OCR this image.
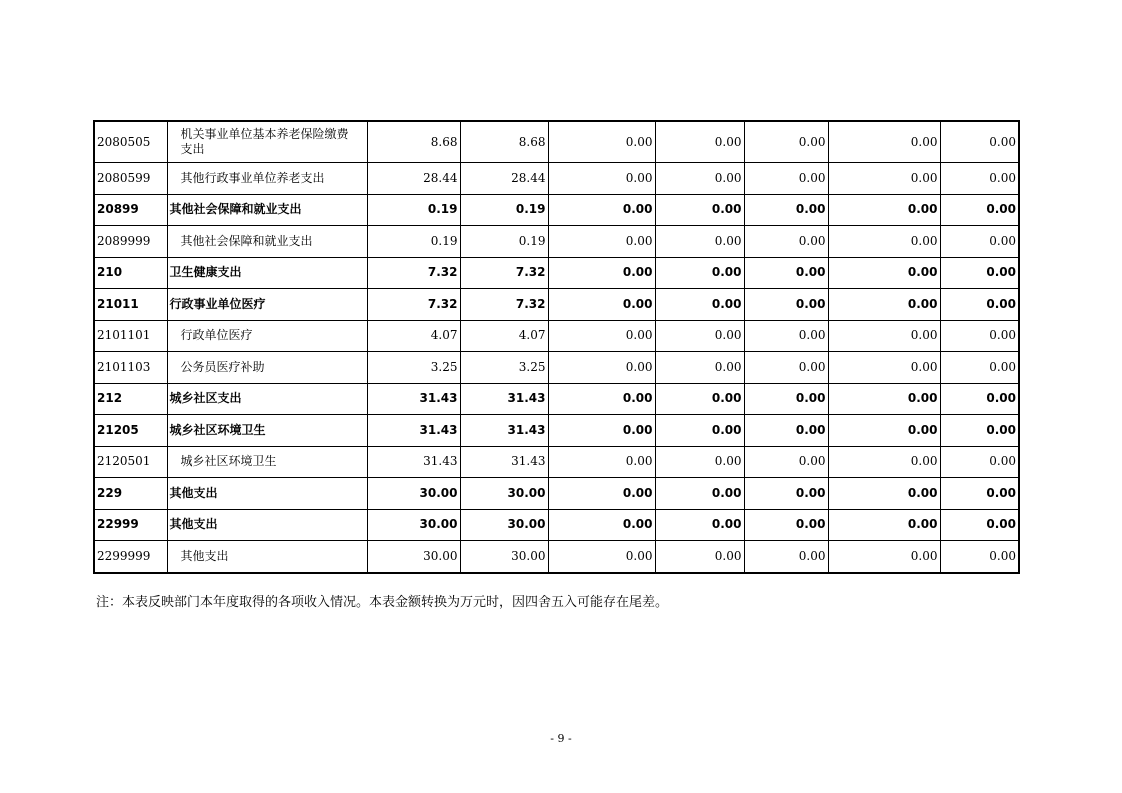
2080505	机关事业单位基本养老保险缴费支出	8.68	8.68	0.00	0.00	0.00	0.00	0.00
2080599	其他行政事业单位养老支出	28.44	28.44	0.00	0.00	0.00	0.00	0.00
20899	其他社会保障和就业支出	0.19	0.19	0.00	0.00	0.00	0.00	0.00
2089999	其他社会保障和就业支出	0.19	0.19	0.00	0.00	0.00	0.00	0.00
210	卫生健康支出	7.32	7.32	0.00	0.00	0.00	0.00	0.00
21011	行政事业单位医疗	7.32	7.32	0.00	0.00	0.00	0.00	0.00
2101101	行政单位医疗	4.07	4.07	0.00	0.00	0.00	0.00	0.00
2101103	公务员医疗补助	3.25	3.25	0.00	0.00	0.00	0.00	0.00
212	城乡社区支出	31.43	31.43	0.00	0.00	0.00	0.00	0.00
21205	城乡社区环境卫生	31.43	31.43	0.00	0.00	0.00	0.00	0.00
2120501	城乡社区环境卫生	31.43	31.43	0.00	0.00	0.00	0.00	0.00
229	其他支出	30.00	30.00	0.00	0.00	0.00	0.00	0.00
22999	其他支出	30.00	30.00	0.00	0.00	0.00	0.00	0.00
2299999	其他支出	30.00	30.00	0.00	0.00	0.00	0.00	0.00
注：本表反映部门本年度取得的各项收入情况。本表金额转换为万元时，因四舍五入可能存在尾差。
- 9 -
